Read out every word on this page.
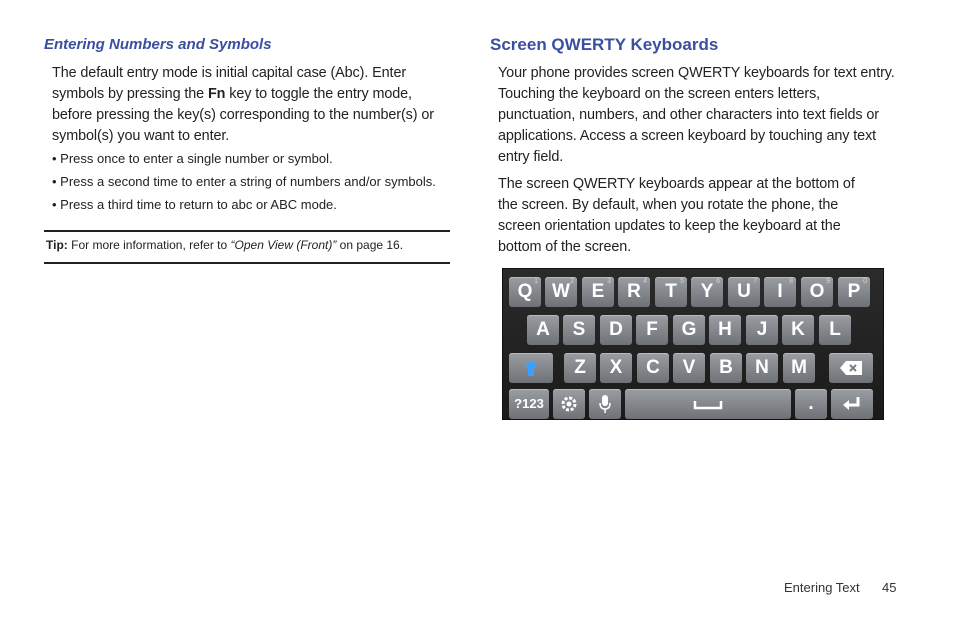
Entering Numbers and Symbols

The default entry mode is initial capital case (Abc). Enter symbols by pressing the Fn key to toggle the entry mode, before pressing the key(s) corresponding to the number(s) or symbol(s) you want to enter.

• Press once to enter a single number or symbol.
• Press a second time to enter a string of numbers and/or symbols.
• Press a third time to return to abc or ABC mode.
Tip: For more information, refer to “Open View (Front)” on page 16.
Screen QWERTY Keyboards

Your phone provides screen QWERTY keyboards for text entry. Touching the keyboard on the screen enters letters, punctuation, numbers, and other characters into text fields or applications. Access a screen keyboard by touching any text entry field.

The screen QWERTY keyboards appear at the bottom of the screen. By default, when you rotate the phone, the screen orientation updates to keep the keyboard at the bottom of the screen.

Q 1 W 2 E 3 R 4 T 5 Y 6 U 7	I 8 O 9 P 0
A	S	D	F	G	H	J	K	L
Z	X	C	V	B	N	M
?123	.
Entering Text 45
